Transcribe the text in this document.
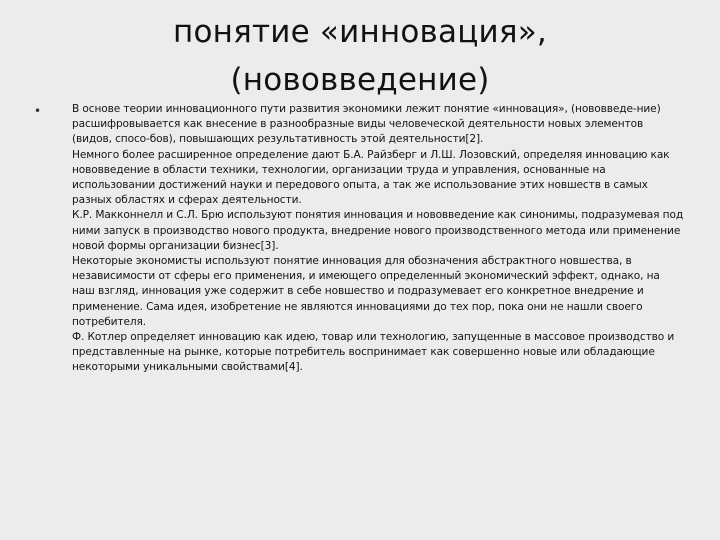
понятие «инновация»,
(нововведение)
•	В основе теории инновационного пути развития экономики лежит понятие «инновация», (нововведе-ние) расшифровывается как внесение в разнообразные виды человеческой деятельности новых элементов (видов, спосо-бов), повышающих результативность этой деятельности[2].

Немного более расширенное определение дают Б.А. Райзберг и Л.Ш. Лозовский, определяя инновацию как нововведение в области техники, технологии, организации труда и управления, основанные на использовании достижений науки и передового опыта, а так же использование этих новшеств в самых разных областях и сферах деятельности.

К.Р. Макконнелл и С.Л. Брю используют понятия инновация и нововведение как синонимы, подразумевая под ними запуск в производство нового продукта, внедрение нового производственного метода или применение новой формы организации бизнес[3].

Некоторые экономисты используют понятие инновация для обозначения абстрактного новшества, в независимости от сферы его применения, и имеющего определенный экономический эффект, однако, на наш взгляд, инновация уже содержит в себе новшество и подразумевает его конкретное внедрение и применение. Сама идея, изобретение не являются инновациями до тех пор, пока они не нашли своего потребителя.

Ф. Котлер определяет инновацию как идею, товар или технологию, запущенные в массовое производство и представленные на рынке, которые потребитель воспринимает как совершенно новые или обладающие некоторыми уникальными свойствами[4].
